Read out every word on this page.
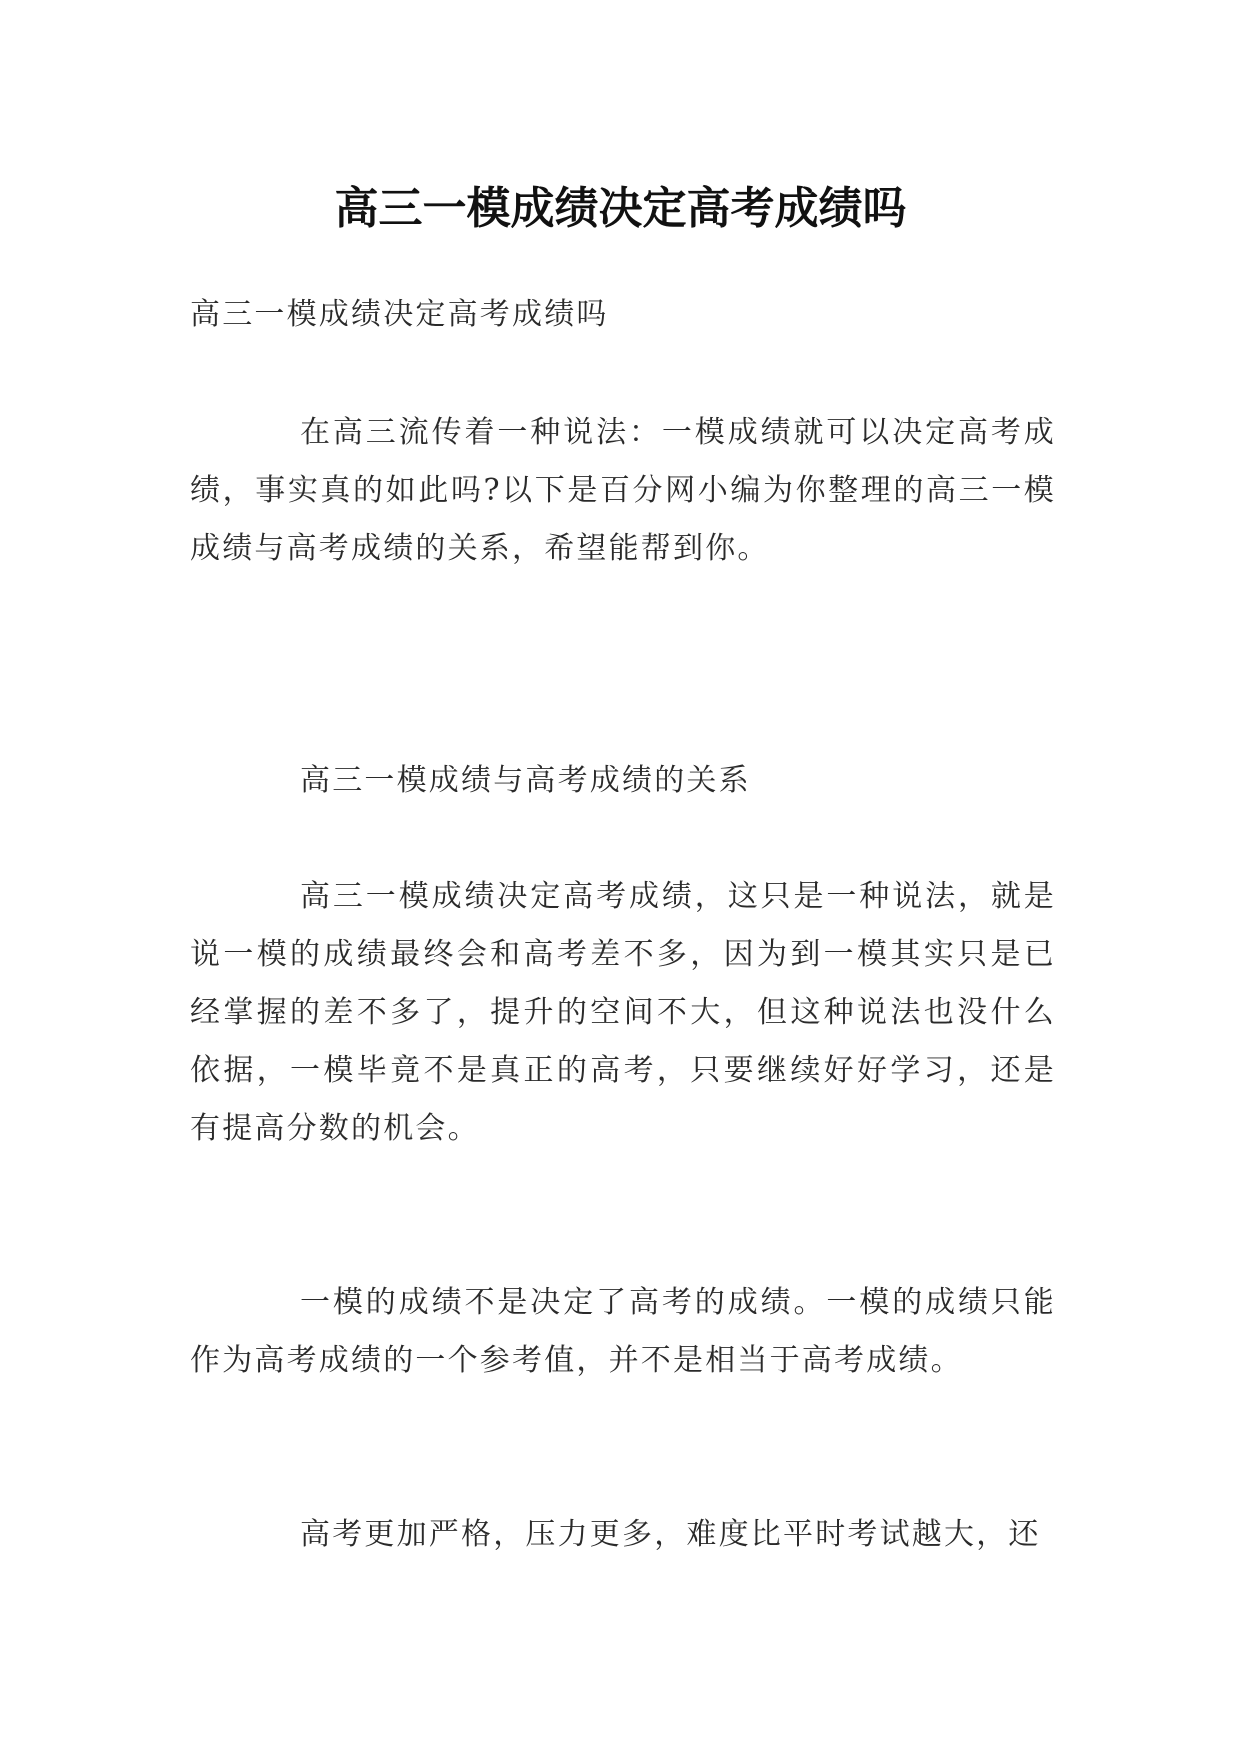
高三一模成绩决定高考成绩吗

高三一模成绩决定高考成绩吗

在高三流传着一种说法：一模成绩就可以决定高考成绩，事实真的如此吗?以下是百分网小编为你整理的高三一模成绩与高考成绩的关系，希望能帮到你。

高三一模成绩与高考成绩的关系

高三一模成绩决定高考成绩，这只是一种说法，就是说一模的成绩最终会和高考差不多，因为到一模其实只是已经掌握的差不多了，提升的空间不大，但这种说法也没什么依据，一模毕竟不是真正的高考，只要继续好好学习，还是有提高分数的机会。

一模的成绩不是决定了高考的成绩。一模的成绩只能作为高考成绩的一个参考值，并不是相当于高考成绩。

高考更加严格，压力更多，难度比平时考试越大，还
